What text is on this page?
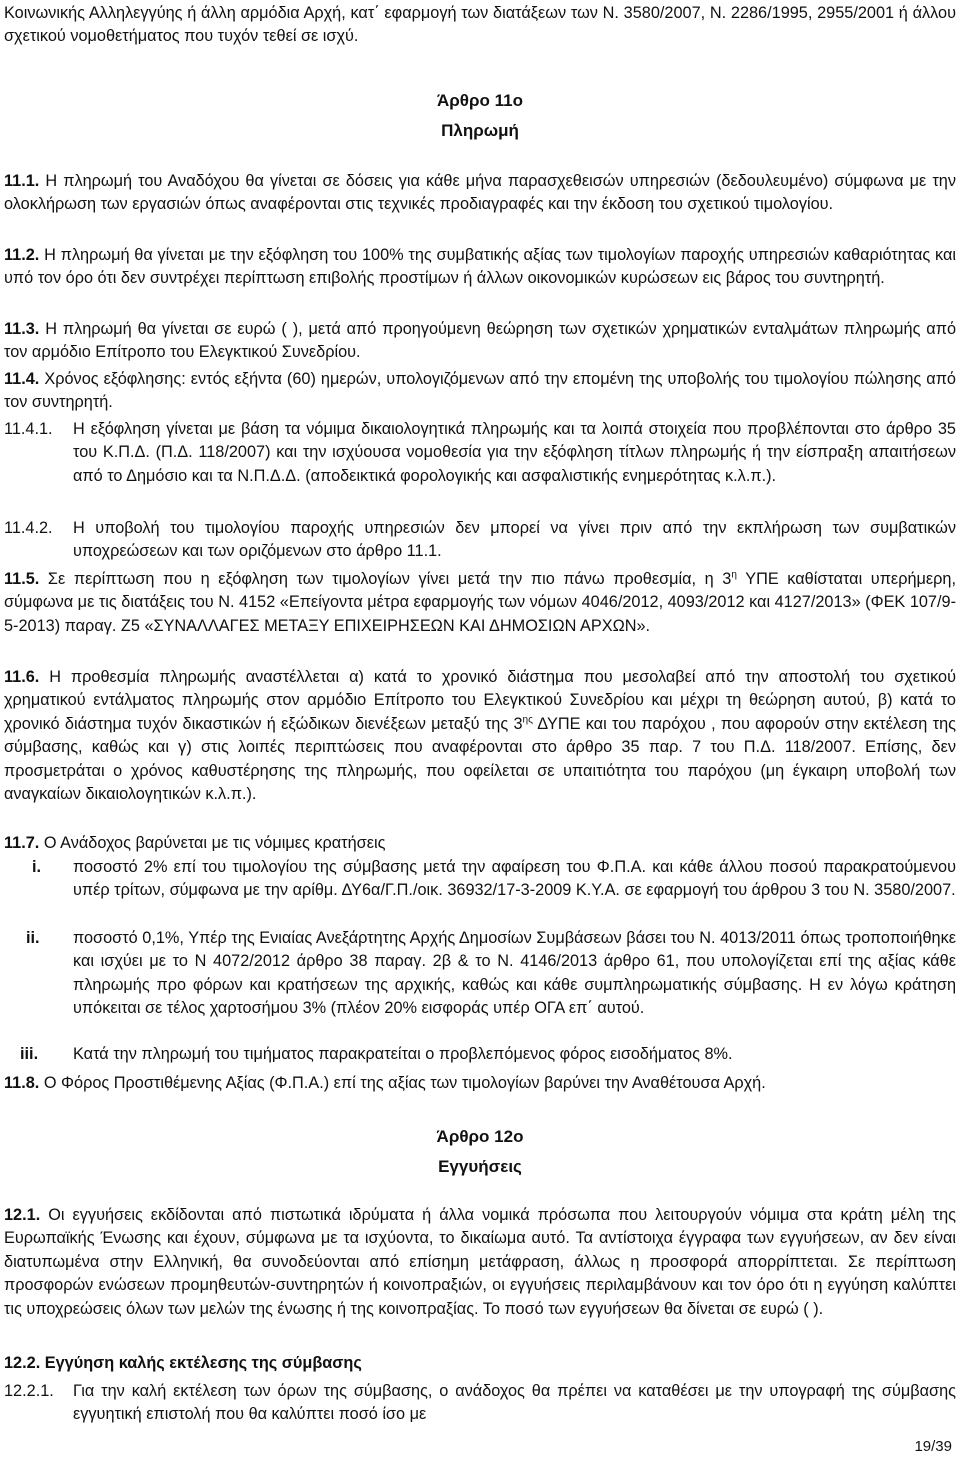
Κοινωνικής Αλληλεγγύης ή άλλη αρμόδια Αρχή, κατ΄ εφαρμογή των διατάξεων των Ν. 3580/2007, Ν. 2286/1995, 2955/2001 ή άλλου σχετικού νομοθετήματος που τυχόν τεθεί σε ισχύ.

Άρθρο 11ο

Πληρωμή

11.1. Η πληρωμή του Αναδόχου θα γίνεται σε δόσεις για κάθε μήνα παρασχεθεισών υπηρεσιών (δεδουλευμένο) σύμφωνα με την ολοκλήρωση των εργασιών όπως αναφέρονται στις τεχνικές προδιαγραφές και την έκδοση του σχετικού τιμολογίου.

11.2. Η πληρωμή θα γίνεται με την εξόφληση του 100% της συμβατικής αξίας των τιμολογίων παροχής υπηρεσιών καθαριότητας και υπό τον όρο ότι δεν συντρέχει περίπτωση επιβολής προστίμων ή άλλων οικονομικών κυρώσεων εις βάρος του συντηρητή.

11.3. Η πληρωμή θα γίνεται σε ευρώ ( ), μετά από προηγούμενη θεώρηση των σχετικών χρηματικών ενταλμάτων πληρωμής από τον αρμόδιο Επίτροπο του Ελεγκτικού Συνεδρίου.

11.4. Χρόνος εξόφλησης: εντός εξήντα (60) ημερών, υπολογιζόμενων από την επομένη της υποβολής του τιμολογίου πώλησης από τον συντηρητή.

11.4.1. Η εξόφληση γίνεται με βάση τα νόμιμα δικαιολογητικά πληρωμής και τα λοιπά στοιχεία που προβλέπονται στο άρθρο 35 του Κ.Π.Δ. (Π.Δ. 118/2007) και την ισχύουσα νομοθεσία για την εξόφληση τίτλων πληρωμής ή την είσπραξη απαιτήσεων από το Δημόσιο και τα Ν.Π.Δ.Δ. (αποδεικτικά φορολογικής και ασφαλιστικής ενημερότητας κ.λ.π.).

11.4.2. Η υποβολή του τιμολογίου παροχής υπηρεσιών δεν μπορεί να γίνει πριν από την εκπλήρωση των συμβατικών υποχρεώσεων και των οριζόμενων στο άρθρο 11.1.

11.5. Σε περίπτωση που η εξόφληση των τιμολογίων γίνει μετά την πιο πάνω προθεσμία, η $3^\eta$ ΥΠΕ καθίσταται υπερήμερη, σύμφωνα με τις διατάξεις του Ν. 4152 «Επείγοντα μέτρα εφαρμογής των νόμων 4046/2012, 4093/2012 και 4127/2013» (ΦΕΚ 107/9-5-2013) παραγ. Ζ5 «ΣΥΝΑΛΛΑΓΕΣ ΜΕΤΑΞΥ ΕΠΙΧΕΙΡΗΣΕΩΝ ΚΑΙ ΔΗΜΟΣΙΩΝ ΑΡΧΩΝ».

11.6. Η προθεσμία πληρωμής αναστέλλεται α) κατά το χρονικό διάστημα που μεσολαβεί από την αποστολή του σχετικού χρηματικού εντάλματος πληρωμής στον αρμόδιο Επίτροπο του Ελεγκτικού Συνεδρίου και μέχρι τη θεώρηση αυτού, β) κατά το χρονικό διάστημα τυχόν δικαστικών ή εξώδικων διενέξεων μεταξύ της $3^{\eta\varsigma}$ ΔΥΠΕ και του παρόχου , που αφορούν στην εκτέλεση της σύμβασης, καθώς και γ) στις λοιπές περιπτώσεις που αναφέρονται στο άρθρο 35 παρ. 7 του Π.Δ. 118/2007. Επίσης, δεν προσμετράται ο χρόνος καθυστέρησης της πληρωμής, που οφείλεται σε υπαιτιότητα του παρόχου (μη έγκαιρη υποβολή των αναγκαίων δικαιολογητικών κ.λ.π.).

11.7. Ο Ανάδοχος βαρύνεται με τις νόμιμες κρατήσεις

i.	ποσοστό 2% επί του τιμολογίου της σύμβασης μετά την αφαίρεση του Φ.Π.Α. και κάθε άλλου ποσού παρακρατούμενου υπέρ τρίτων, σύμφωνα με την αρίθμ. ΔΥ6α/Γ.Π./οικ. 36932/17-3-2009 Κ.Υ.Α. σε εφαρμογή του άρθρου 3 του Ν. 3580/2007.

ii.	ποσοστό 0,1%, Υπέρ της Ενιαίας Ανεξάρτητης Αρχής Δημοσίων Συμβάσεων βάσει του Ν. 4013/2011 όπως τροποποιήθηκε και ισχύει με το Ν 4072/2012 άρθρο 38 παραγ. 2β & το Ν. 4146/2013 άρθρο 61, που υπολογίζεται επί της αξίας κάθε πληρωμής προ φόρων και κρατήσεων της αρχικής, καθώς και κάθε συμπληρωματικής σύμβασης. Η εν λόγω κράτηση υπόκειται σε τέλος χαρτοσήμου 3% (πλέον 20% εισφοράς υπέρ ΟΓΑ επ΄ αυτού.

iii.	Κατά την πληρωμή του τιμήματος παρακρατείται ο προβλεπόμενος φόρος εισοδήματος 8%.

11.8. Ο Φόρος Προστιθέμενης Αξίας (Φ.Π.Α.) επί της αξίας των τιμολογίων βαρύνει την Αναθέτουσα Αρχή.

Άρθρο 12ο

Εγγυήσεις

12.1. Οι εγγυήσεις εκδίδονται από πιστωτικά ιδρύματα ή άλλα νομικά πρόσωπα που λειτουργούν νόμιμα στα κράτη μέλη της Ευρωπαϊκής Ένωσης και έχουν, σύμφωνα με τα ισχύοντα, το δικαίωμα αυτό. Τα αντίστοιχα έγγραφα των εγγυήσεων, αν δεν είναι διατυπωμένα στην Ελληνική, θα συνοδεύονται από επίσημη μετάφραση, άλλως η προσφορά απορρίπτεται. Σε περίπτωση προσφορών ενώσεων προμηθευτών-συντηρητών ή κοινοπραξιών, οι εγγυήσεις περιλαμβάνουν και τον όρο ότι η εγγύηση καλύπτει τις υποχρεώσεις όλων των μελών της ένωσης ή της κοινοπραξίας. Το ποσό των εγγυήσεων θα δίνεται σε ευρώ ( ).

12.2. Εγγύηση καλής εκτέλεσης της σύμβασης

12.2.1. Για την καλή εκτέλεση των όρων της σύμβασης, ο ανάδοχος θα πρέπει να καταθέσει με την υπογραφή της σύμβασης εγγυητική επιστολή που θα καλύπτει ποσό ίσο με

19/39
